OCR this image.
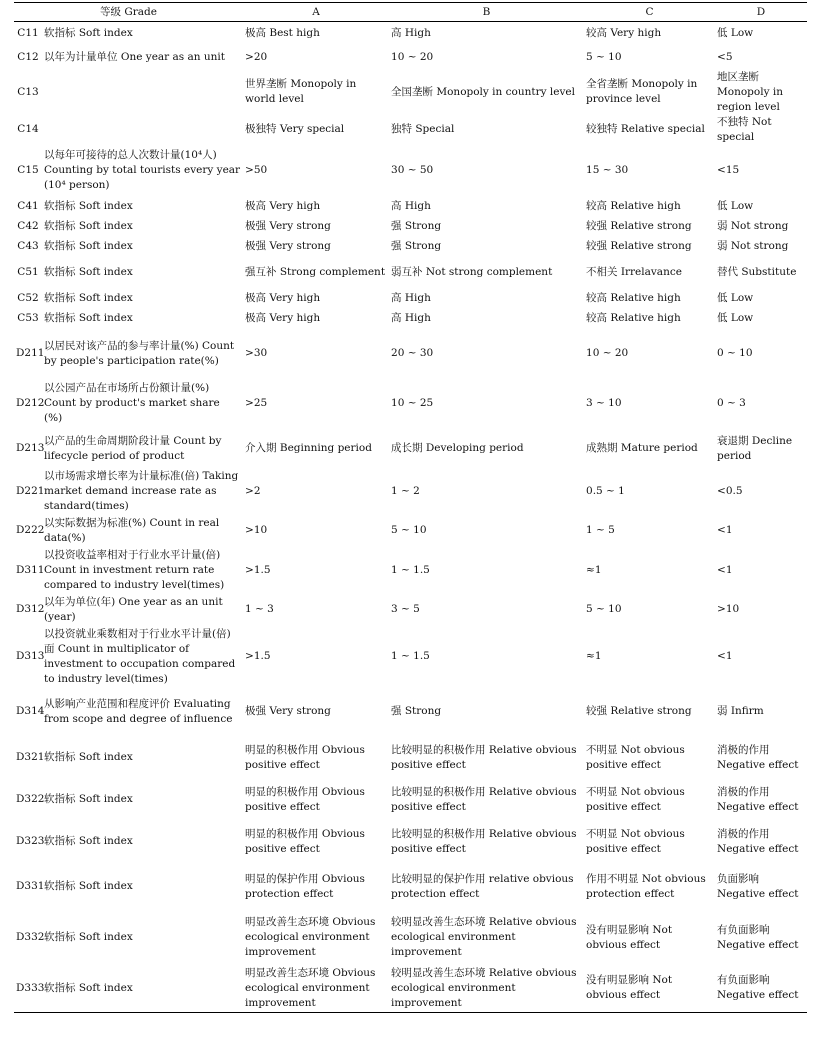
等级 Grade		A	B	C	D
C11	软指标 Soft index	极高 Best high	高 High	较高 Very high	低 Low
C12	以年为计量单位 One year as an unit	>20	10 ~ 20	5 ~ 10	<5
C13		世界垄断 Monopoly in world level	全国垄断 Monopoly in country level	全省垄断 Monopoly in province level	地区垄断 Monopoly in region level
C14		极独特 Very special	独特 Special	较独特 Relative special	不独特 Not special
C15	以每年可接待的总人次数计量(10⁴人) Counting by total tourists every year (10⁴ person)	>50	30 ~ 50	15 ~ 30	<15
C41	软指标 Soft index	极高 Very high	高 High	较高 Relative high	低 Low
C42	软指标 Soft index	极强 Very strong	强 Strong	较强 Relative strong	弱 Not strong
C43	软指标 Soft index	极强 Very strong	强 Strong	较强 Relative strong	弱 Not strong
C51	软指标 Soft index	强互补 Strong complement	弱互补 Not strong complement	不相关 Irrelavance	替代 Substitute
C52	软指标 Soft index	极高 Very high	高 High	较高 Relative high	低 Low
C53	软指标 Soft index	极高 Very high	高 High	较高 Relative high	低 Low
D211	以居民对该产品的参与率计量(%) Count by people's participation rate(%)	>30	20 ~ 30	10 ~ 20	0 ~ 10
D212	以公园产品在市场所占份额计量(%) Count by product's market share (%)	>25	10 ~ 25	3 ~ 10	0 ~ 3
D213	以产品的生命周期阶段计量 Count by lifecycle period of product	介入期 Beginning period	成长期 Developing period	成熟期 Mature period	衰退期 Decline period
D221	以市场需求增长率为计量标准(倍) Taking market demand increase rate as standard(times)	>2	1 ~ 2	0.5 ~ 1	<0.5
D222	以实际数据为标准(%) Count in real data(%)	>10	5 ~ 10	1 ~ 5	<1
D311	以投资收益率相对于行业水平计量(倍) Count in investment return rate compared to industry level(times)	>1.5	1 ~ 1.5	≈1	<1
D312	以年为单位(年) One year as an unit (year)	1 ~ 3	3 ~ 5	5 ~ 10	>10
D313	以投资就业乘数相对于行业水平计量(倍)面 Count in multiplicator of investment to occupation compared to industry level(times)	>1.5	1 ~ 1.5	≈1	<1
D314	从影响产业范围和程度评价 Evaluating from scope and degree of influence	极强 Very strong	强 Strong	较强 Relative strong	弱 Infirm
D321	软指标 Soft index	明显的积极作用 Obvious positive effect	比较明显的积极作用 Relative obvious positive effect	不明显 Not obvious positive effect	消极的作用 Negative effect
D322	软指标 Soft index	明显的积极作用 Obvious positive effect	比较明显的积极作用 Relative obvious positive effect	不明显 Not obvious positive effect	消极的作用 Negative effect
D323	软指标 Soft index	明显的积极作用 Obvious positive effect	比较明显的积极作用 Relative obvious positive effect	不明显 Not obvious positive effect	消极的作用 Negative effect
D331	软指标 Soft index	明显的保护作用 Obvious protection effect	比较明显的保护作用 relative obvious protection effect	作用不明显 Not obvious protection effect	负面影响 Negative effect
D332	软指标 Soft index	明显改善生态环境 Obvious ecological environment improvement	较明显改善生态环境 Relative obvious ecological environment improvement	没有明显影响 Not obvious effect	有负面影响 Negative effect
D333	软指标 Soft index	明显改善生态环境 Obvious ecological environment improvement	较明显改善生态环境 Relative obvious ecological environment improvement	没有明显影响 Not obvious effect	有负面影响 Negative effect
